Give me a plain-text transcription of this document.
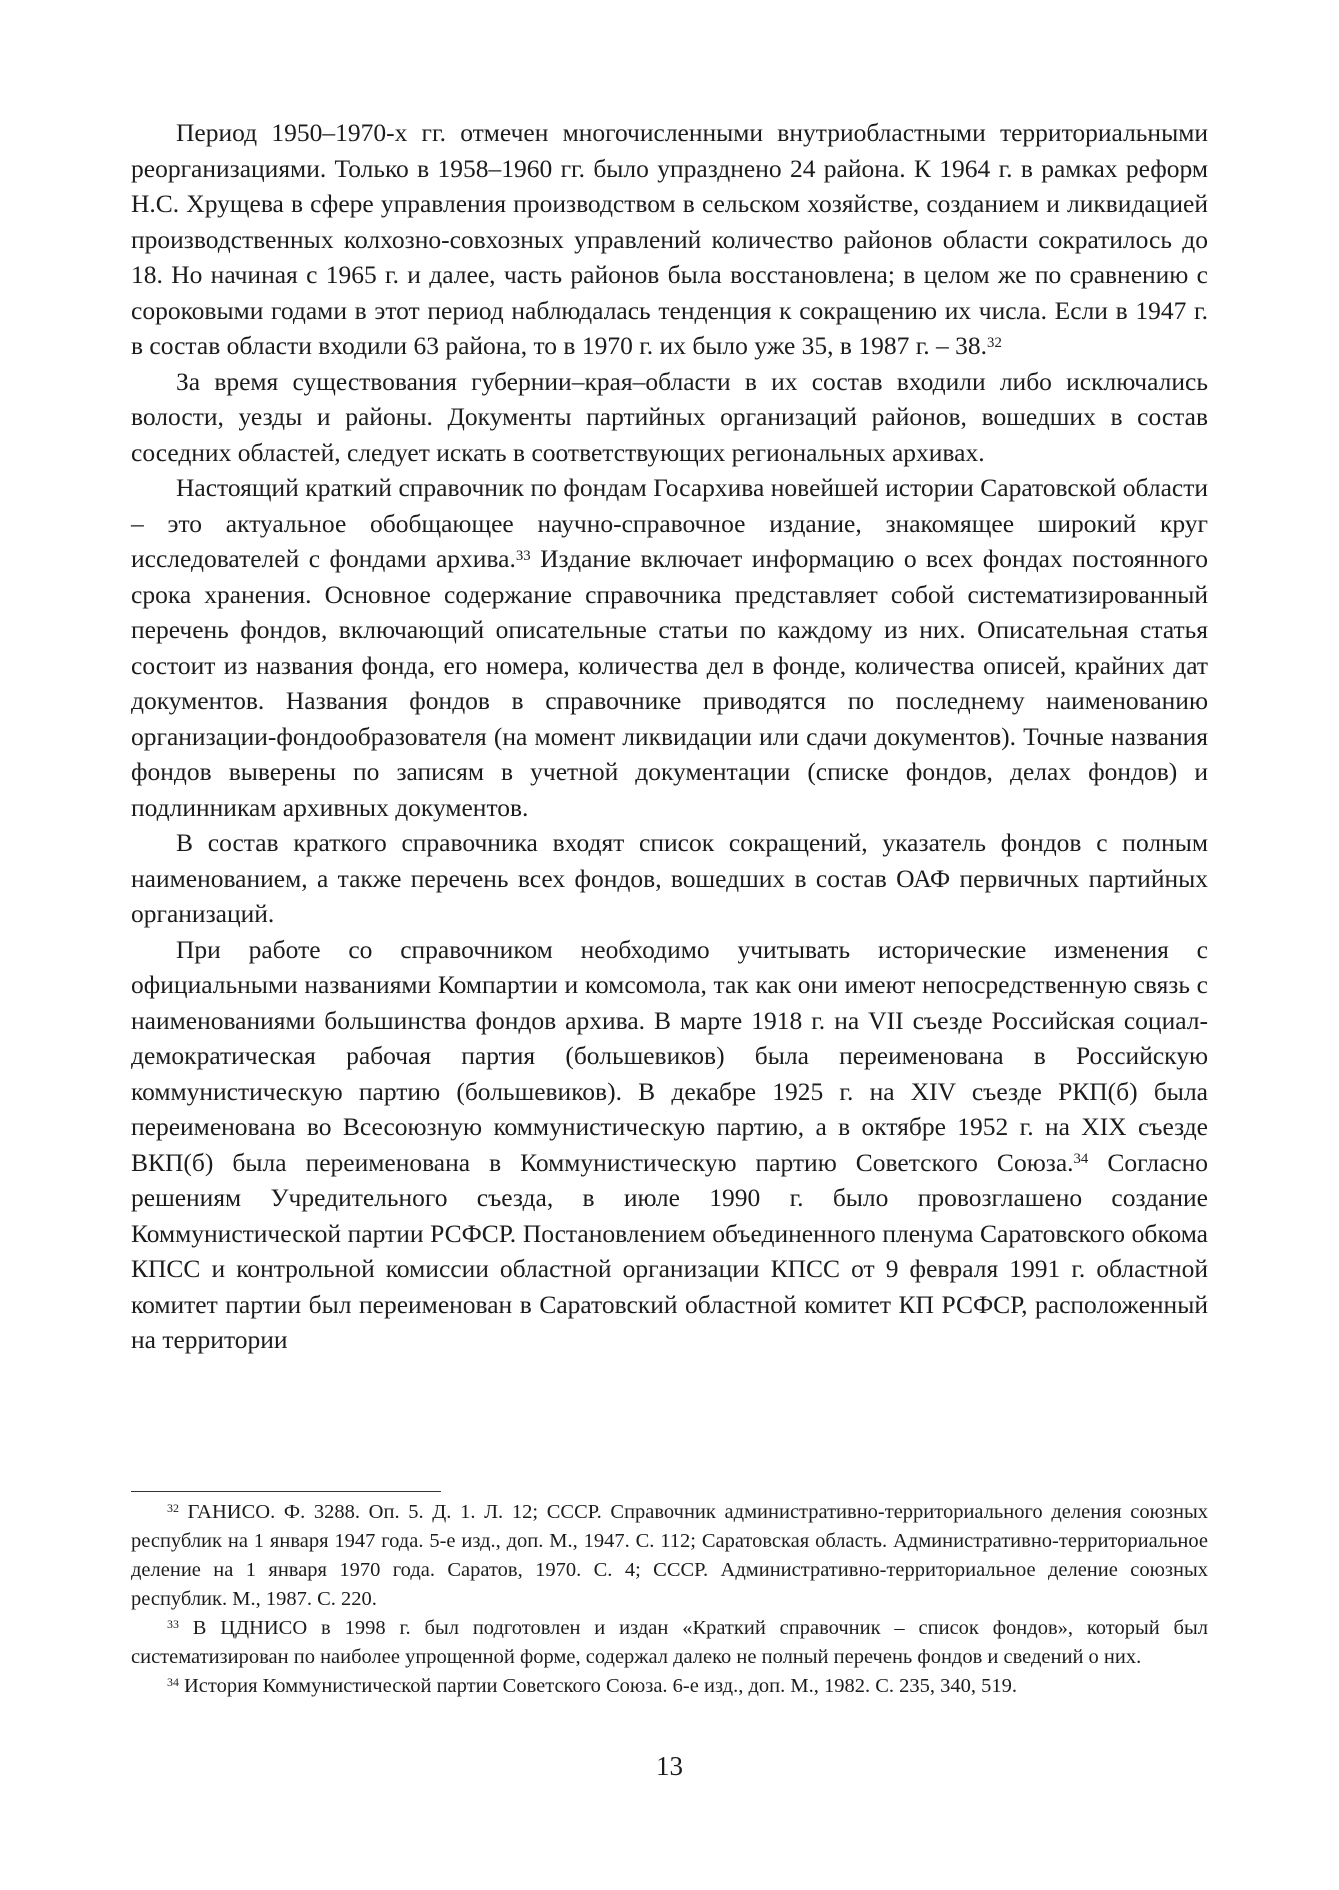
Период 1950–1970-х гг. отмечен многочисленными внутриобластными территориальными реорганизациями. Только в 1958–1960 гг. было упразднено 24 района. К 1964 г. в рамках реформ Н.С. Хрущева в сфере управления производством в сельском хозяйстве, созданием и ликвидацией производственных колхозно-совхозных управлений количество районов области сократилось до 18. Но начиная с 1965 г. и далее, часть районов была восстановлена; в целом же по сравнению с сороковыми годами в этот период наблюдалась тенденция к сокращению их числа. Если в 1947 г. в состав области входили 63 района, то в 1970 г. их было уже 35, в 1987 г. – 38.32

За время существования губернии–края–области в их состав входили либо исключались волости, уезды и районы. Документы партийных организаций районов, вошедших в состав соседних областей, следует искать в соответствующих региональных архивах.

Настоящий краткий справочник по фондам Госархива новейшей истории Саратовской области – это актуальное обобщающее научно-справочное издание, знакомящее широкий круг исследователей с фондами архива.$^{33}$ Издание включает информацию о всех фондах постоянного срока хранения. Основное содержание справочника представляет собой систематизированный перечень фондов, включающий описательные статьи по каждому из них. Описательная статья состоит из названия фонда, его номера, количества дел в фонде, количества описей, крайних дат документов. Названия фондов в справочнике приводятся по последнему наименованию организации-фондообразователя (на момент ликвидации или сдачи документов). Точные названия фондов выверены по записям в учетной документации (списке фондов, делах фондов) и подлинникам архивных документов.

В состав краткого справочника входят список сокращений, указатель фондов с полным наименованием, а также перечень всех фондов, вошедших в состав ОАФ первичных партийных организаций.

При работе со справочником необходимо учитывать исторические изменения с официальными названиями Компартии и комсомола, так как они имеют непосредственную связь с наименованиями большинства фондов архива. В марте 1918 г. на VII съезде Российская социал-демократическая рабочая партия (большевиков) была переименована в Российскую коммунистическую партию (большевиков). В декабре 1925 г. на XIV съезде РКП(б) была переименована во Всесоюзную коммунистическую партию, а в октябре 1952 г. на XIX съезде ВКП(б) была переименована в Коммунистическую партию Советского Союза.$^{34}$ Согласно решениям Учредительного съезда, в июле 1990 г. было провозглашено создание Коммунистической партии РСФСР. Постановлением объединенного пленума Саратовского обкома КПСС и контрольной комиссии областной организации КПСС от 9 февраля 1991 г. областной комитет партии был переименован в Саратовский областной комитет КП РСФСР, расположенный на территории

$^{32}$ ГАНИСО. Ф. 3288. Оп. 5. Д. 1. Л. 12; СССР. Справочник административно-территориального деления союзных республик на 1 января 1947 года. 5-е изд., доп. М., 1947. С. 112; Саратовская область. Административно-территориальное деление на 1 января 1970 года. Саратов, 1970. С. 4; СССР. Административно-территориальное деление союзных республик. М., 1987. С. 220.

$^{33}$ В ЦДНИСО в 1998 г. был подготовлен и издан «Краткий справочник – список фондов», который был систематизирован по наиболее упрощенной форме, содержал далеко не полный перечень фондов и сведений о них.

$^{34}$ История Коммунистической партии Советского Союза. 6-е изд., доп. М., 1982. С. 235, 340, 519.

13
